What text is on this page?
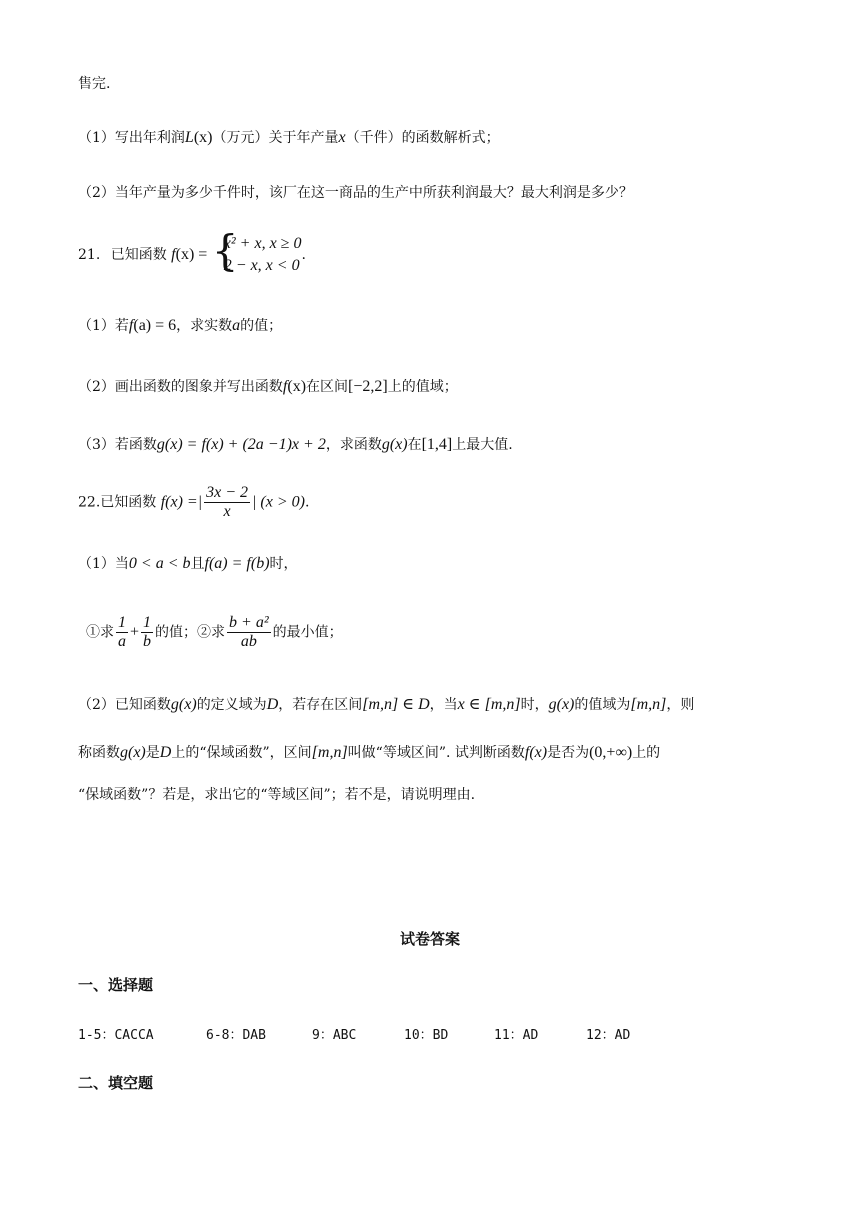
售完.
（1）写出年利润L(x)（万元）关于年产量x（千件）的函数解析式；
（2）当年产量为多少千件时，该厂在这一商品的生产中所获利润最大？最大利润是多少？
21. 已知函数 f(x) = {
x² + x, x ≥ 0
2 − x, x < 0
.
（1）若f(a) = 6，求实数a的值；
（2）画出函数的图象并写出函数f(x)在区间[−2,2]上的值域；
（3）若函数g(x) = f(x) + (2a −1)x + 2，求函数g(x)在[1,4]上最大值.
22.已知函数 f(x) =| $\frac{3x - 2}{x}$ | (x > 0).
（1）当0 < a < b且f(a) = f(b)时，
①求 $\frac{1}{a} + \frac{1}{b}$ 的值；②求 $\frac{\text{b + a²}}{ab}$ 的最小值；
（2）已知函数g(x)的定义域为D，若存在区间[m,n] ∈ D，当x ∈ [m,n]时，g(x)的值域为[m,n]，则
称函数g(x)是D上的“保域函数”，区间[m,n]叫做“等域区间”. 试判断函数f(x)是否为(0,+∞)上的
“保域函数”？若是，求出它的“等域区间”；若不是，请说明理由.
试卷答案
一、选择题
1-5：CACCA	6-8：DAB	9：ABC	10：BD	11：AD	12：AD
二、填空题
